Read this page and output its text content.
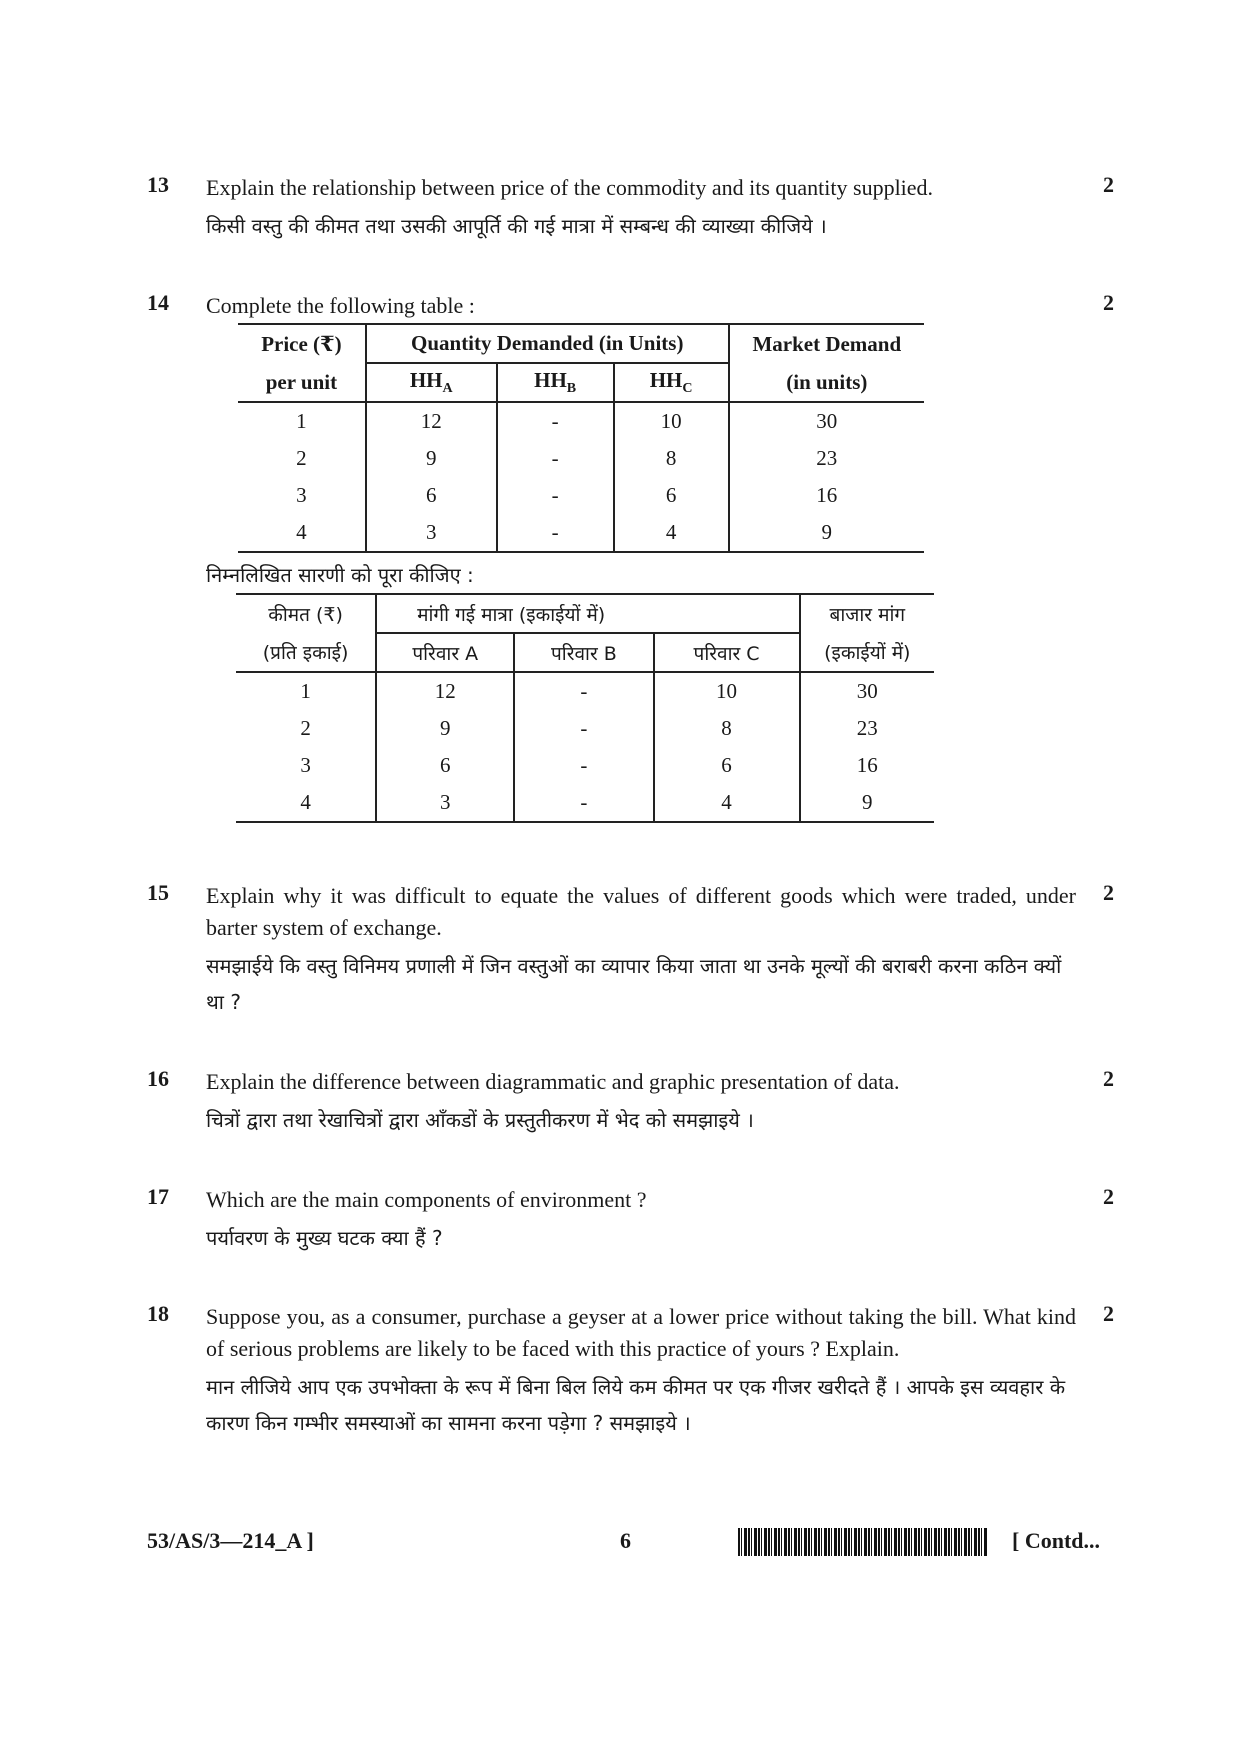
13 Explain the relationship between price of the commodity and its quantity supplied.
किसी वस्तु की कीमत तथा उसकी आपूर्ति की गई मात्रा में सम्बन्ध की व्याख्या कीजिये ।
2
14 Complete the following table :	2
Price (₹)	Quantity Demanded (in Units)			Market Demand
per unit	$HH_A$	$HH_B$	$HH_C$	(in units)
1	12	-	10	30
2	9	-	8	23
3	6	-	6	16
4	3	-	4	9
निम्नलिखित सारणी को पूरा कीजिए :
कीमत (₹)	मांगी गई मात्रा (इकाईयों में)			बाजार मांग
(प्रति इकाई)	परिवार A	परिवार B	परिवार C	(इकाईयों में)
1	12	-	10	30
2	9	-	8	23
3	6	-	6	16
4	3	-	4	9
15 Explain why it was difficult to equate the values of different goods which were traded, under barter system of exchange.
समझाईये कि वस्तु विनिमय प्रणाली में जिन वस्तुओं का व्यापार किया जाता था उनके मूल्यों की बराबरी करना कठिन क्यों था ?
2
16 Explain the difference between diagrammatic and graphic presentation of data.
चित्रों द्वारा तथा रेखाचित्रों द्वारा आँकडों के प्रस्तुतीकरण में भेद को समझाइये ।
2
17 Which are the main components of environment ?
पर्यावरण के मुख्य घटक क्या हैं ?
2
18 Suppose you, as a consumer, purchase a geyser at a lower price without taking the bill. What kind of serious problems are likely to be faced with this practice of yours ? Explain.
मान लीजिये आप एक उपभोक्ता के रूप में बिना बिल लिये कम कीमत पर एक गीजर खरीदते हैं । आपके इस व्यवहार के कारण किन गम्भीर समस्याओं का सामना करना पड़ेगा ? समझाइये ।
2
53/AS/3—214_A ]	6	[ Contd...
